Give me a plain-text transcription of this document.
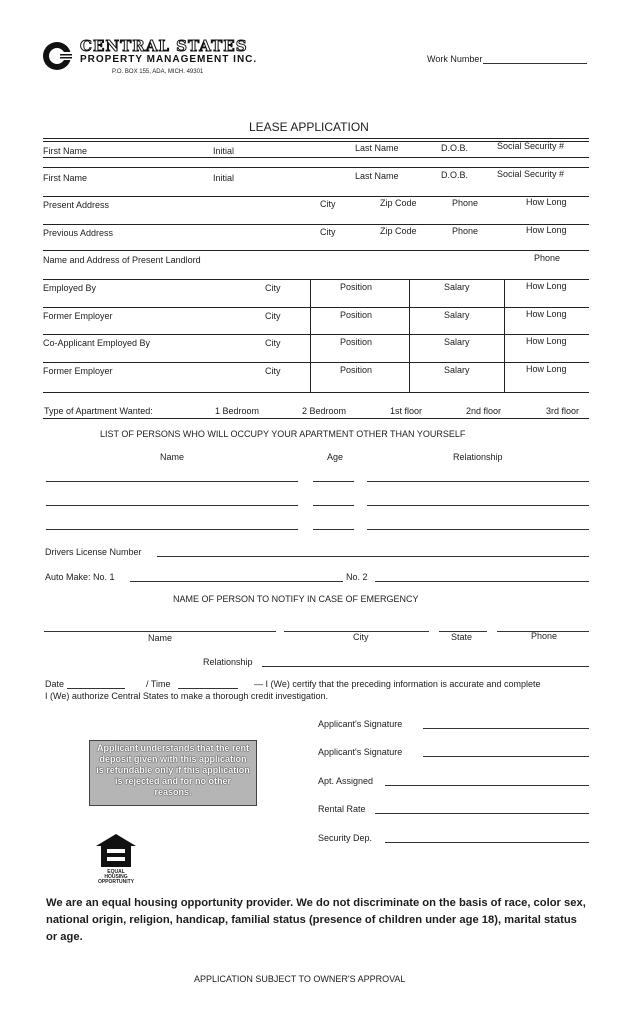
CENTRAL STATES
PROPERTY MANAGEMENT INC.
P.O. BOX 155, ADA, MICH. 49301
Work Number
LEASE APPLICATION
First Name	Initial	Last Name	D.O.B.	Social Security #
First Name	Initial	Last Name	D.O.B.	Social Security #
Present Address	City	Zip Code	Phone	How Long
Previous Address	City	Zip Code	Phone	How Long
Name and Address of Present Landlord	Phone
Employed By	City	Position	Salary	How Long
Former Employer	City	Position	Salary	How Long
Co-Applicant Employed By	City	Position	Salary	How Long
Former Employer	City	Position	Salary	How Long
Type of Apartment Wanted:	1 Bedroom	2 Bedroom	1st floor	2nd floor	3rd floor
LIST OF PERSONS WHO WILL OCCUPY YOUR APARTMENT OTHER THAN YOURSELF
Name	Age	Relationship
Drivers License Number
Auto Make: No. 1	No. 2
NAME OF PERSON TO NOTIFY IN CASE OF EMERGENCY
Name	City	State	Phone
Relationship
Date	/ Time	— I (We) certify that the preceding information is accurate and complete
I (We) authorize Central States to make a thorough credit investigation.
Applicant's Signature
Applicant's Signature
Apt. Assigned
Rental Rate
Security Dep.
Applicant understands that the rent deposit given with this application is refundable only if this application is rejected and for no other reasons.
EQUAL HOUSING OPPORTUNITY
We are an equal housing opportunity provider. We do not discriminate on the basis of race, color sex, national origin, religion, handicap, familial status (presence of children under age 18), marital status or age.
APPLICATION SUBJECT TO OWNER'S APPROVAL
